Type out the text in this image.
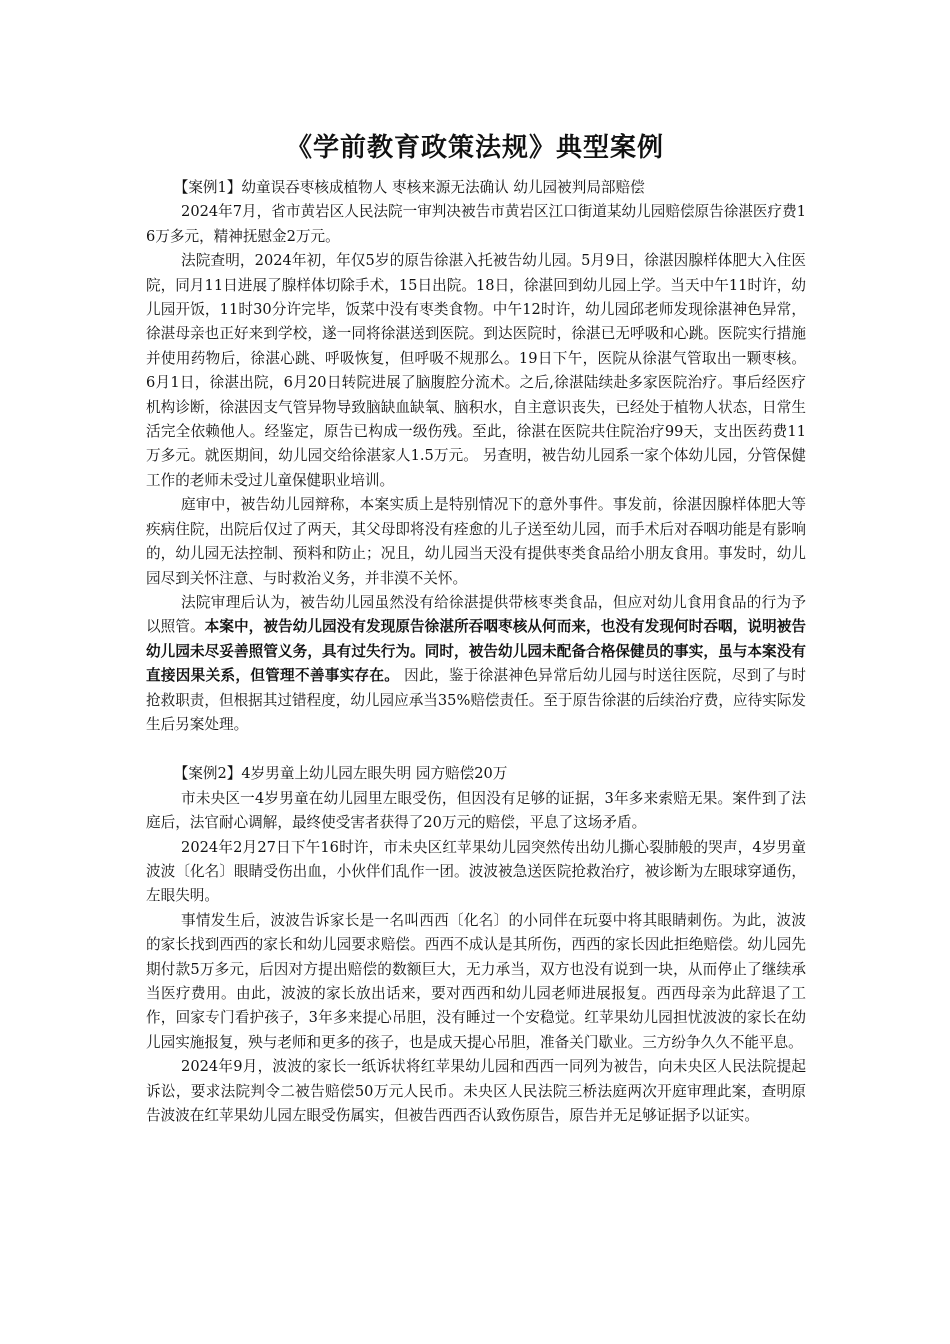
《学前教育政策法规》典型案例

【案例1】幼童误吞枣核成植物人 枣核来源无法确认 幼儿园被判局部赔偿

2024年7月，省市黄岩区人民法院一审判决被告市黄岩区江口街道某幼儿园赔偿原告徐湛医疗费16万多元，精神抚慰金2万元。

法院查明，2024年初，年仅5岁的原告徐湛入托被告幼儿园。5月9日，徐湛因腺样体肥大入住医院，同月11日进展了腺样体切除手术，15日出院。18日，徐湛回到幼儿园上学。当天中午11时许，幼儿园开饭，11时30分许完毕，饭菜中没有枣类食物。中午12时许，幼儿园邱老师发现徐湛神色异常，徐湛母亲也正好来到学校，遂一同将徐湛送到医院。到达医院时，徐湛已无呼吸和心跳。医院实行措施并使用药物后，徐湛心跳、呼吸恢复，但呼吸不规那么。19日下午，医院从徐湛气管取出一颗枣核。 6月1日，徐湛出院，6月20日转院进展了脑腹腔分流术。之后,徐湛陆续赴多家医院治疗。事后经医疗机构诊断，徐湛因支气管异物导致脑缺血缺氧、脑积水，自主意识丧失，已经处于植物人状态，日常生活完全依赖他人。经鉴定，原告已构成一级伤残。至此，徐湛在医院共住院治疗99天，支出医药费11万多元。就医期间，幼儿园交给徐湛家人1.5万元。 另查明，被告幼儿园系一家个体幼儿园，分管保健工作的老师未受过儿童保健职业培训。

庭审中，被告幼儿园辩称，本案实质上是特别情况下的意外事件。事发前，徐湛因腺样体肥大等疾病住院，出院后仅过了两天，其父母即将没有痊愈的儿子送至幼儿园，而手术后对吞咽功能是有影响的，幼儿园无法控制、预料和防止；况且，幼儿园当天没有提供枣类食品给小朋友食用。事发时，幼儿园尽到关怀注意、与时救治义务，并非漠不关怀。

法院审理后认为，被告幼儿园虽然没有给徐湛提供带核枣类食品，但应对幼儿食用食品的行为予以照管。本案中，被告幼儿园没有发现原告徐湛所吞咽枣核从何而来，也没有发现何时吞咽，说明被告幼儿园未尽妥善照管义务，具有过失行为。同时，被告幼儿园未配备合格保健员的事实，虽与本案没有直接因果关系，但管理不善事实存在。 因此，鉴于徐湛神色异常后幼儿园与时送往医院，尽到了与时抢救职责，但根据其过错程度，幼儿园应承当35%赔偿责任。至于原告徐湛的后续治疗费，应待实际发生后另案处理。

【案例2】4岁男童上幼儿园左眼失明 园方赔偿20万

市未央区一4岁男童在幼儿园里左眼受伤，但因没有足够的证据，3年多来索赔无果。案件到了法庭后，法官耐心调解，最终使受害者获得了20万元的赔偿，平息了这场矛盾。

2024年2月27日下午16时许，市未央区红苹果幼儿园突然传出幼儿撕心裂肺般的哭声，4岁男童波波〔化名〕眼睛受伤出血，小伙伴们乱作一团。波波被急送医院抢救治疗，被诊断为左眼球穿通伤，左眼失明。

事情发生后，波波告诉家长是一名叫西西〔化名〕的小同伴在玩耍中将其眼睛刺伤。为此，波波的家长找到西西的家长和幼儿园要求赔偿。西西不成认是其所伤，西西的家长因此拒绝赔偿。幼儿园先期付款5万多元，后因对方提出赔偿的数额巨大，无力承当，双方也没有说到一块，从而停止了继续承当医疗费用。由此，波波的家长放出话来，要对西西和幼儿园老师进展报复。西西母亲为此辞退了工作，回家专门看护孩子，3年多来提心吊胆，没有睡过一个安稳觉。红苹果幼儿园担忧波波的家长在幼儿园实施报复，殃与老师和更多的孩子，也是成天提心吊胆，准备关门歇业。三方纷争久久不能平息。

2024年9月，波波的家长一纸诉状将红苹果幼儿园和西西一同列为被告，向未央区人民法院提起诉讼，要求法院判令二被告赔偿50万元人民币。未央区人民法院三桥法庭两次开庭审理此案，查明原告波波在红苹果幼儿园左眼受伤属实，但被告西西否认致伤原告，原告并无足够证据予以证实。
